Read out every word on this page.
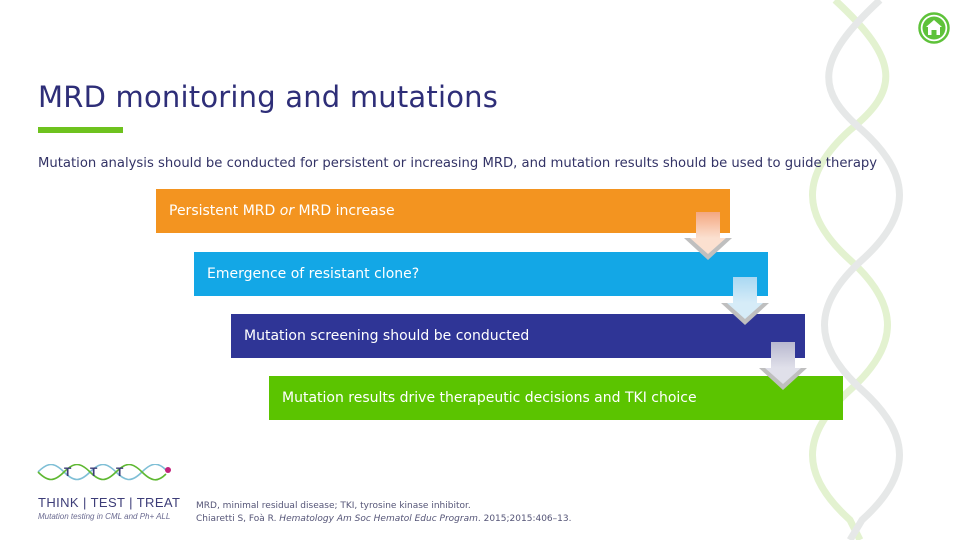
MRD monitoring and mutations

Mutation analysis should be conducted for persistent or increasing MRD, and mutation results should be used to guide therapy

Persistent MRD or MRD increase
Emergence of resistant clone?
Mutation screening should be conducted
Mutation results drive therapeutic decisions and TKI choice
T T T
THINK | TEST | TREAT
Mutation testing in CML and Ph+ ALL
MRD, minimal residual disease; TKI, tyrosine kinase inhibitor.
Chiaretti S, Foà R. Hematology Am Soc Hematol Educ Program. 2015;2015:406–13.
